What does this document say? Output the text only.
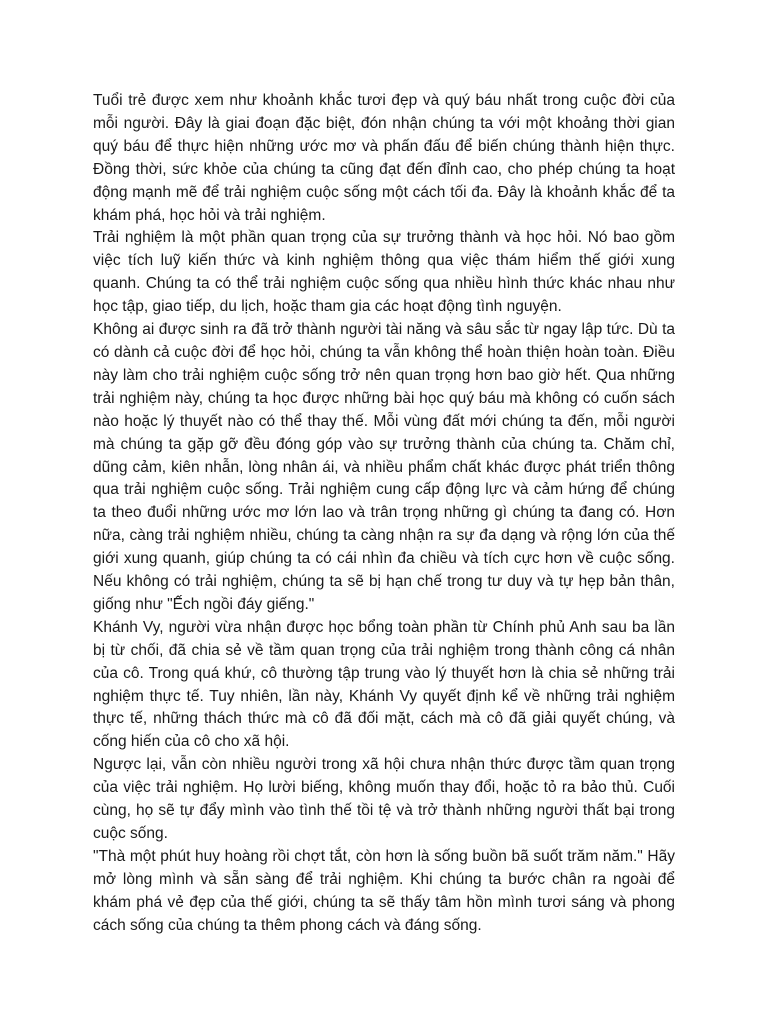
Tuổi trẻ được xem như khoảnh khắc tươi đẹp và quý báu nhất trong cuộc đời của mỗi người. Đây là giai đoạn đặc biệt, đón nhận chúng ta với một khoảng thời gian quý báu để thực hiện những ước mơ và phấn đấu để biến chúng thành hiện thực. Đồng thời, sức khỏe của chúng ta cũng đạt đến đỉnh cao, cho phép chúng ta hoạt động mạnh mẽ để trải nghiệm cuộc sống một cách tối đa. Đây là khoảnh khắc để ta khám phá, học hỏi và trải nghiệm.

Trải nghiệm là một phần quan trọng của sự trưởng thành và học hỏi. Nó bao gồm việc tích luỹ kiến thức và kinh nghiệm thông qua việc thám hiểm thế giới xung quanh. Chúng ta có thể trải nghiệm cuộc sống qua nhiều hình thức khác nhau như học tập, giao tiếp, du lịch, hoặc tham gia các hoạt động tình nguyện.

Không ai được sinh ra đã trở thành người tài năng và sâu sắc từ ngay lập tức. Dù ta có dành cả cuộc đời để học hỏi, chúng ta vẫn không thể hoàn thiện hoàn toàn. Điều này làm cho trải nghiệm cuộc sống trở nên quan trọng hơn bao giờ hết. Qua những trải nghiệm này, chúng ta học được những bài học quý báu mà không có cuốn sách nào hoặc lý thuyết nào có thể thay thế. Mỗi vùng đất mới chúng ta đến, mỗi người mà chúng ta gặp gỡ đều đóng góp vào sự trưởng thành của chúng ta. Chăm chỉ, dũng cảm, kiên nhẫn, lòng nhân ái, và nhiều phẩm chất khác được phát triển thông qua trải nghiệm cuộc sống. Trải nghiệm cung cấp động lực và cảm hứng để chúng ta theo đuổi những ước mơ lớn lao và trân trọng những gì chúng ta đang có. Hơn nữa, càng trải nghiệm nhiều, chúng ta càng nhận ra sự đa dạng và rộng lớn của thế giới xung quanh, giúp chúng ta có cái nhìn đa chiều và tích cực hơn về cuộc sống. Nếu không có trải nghiệm, chúng ta sẽ bị hạn chế trong tư duy và tự hẹp bản thân, giống như "Ếch ngồi đáy giếng."

Khánh Vy, người vừa nhận được học bổng toàn phần từ Chính phủ Anh sau ba lần bị từ chối, đã chia sẻ về tầm quan trọng của trải nghiệm trong thành công cá nhân của cô. Trong quá khứ, cô thường tập trung vào lý thuyết hơn là chia sẻ những trải nghiệm thực tế. Tuy nhiên, lần này, Khánh Vy quyết định kể về những trải nghiệm thực tế, những thách thức mà cô đã đối mặt, cách mà cô đã giải quyết chúng, và cống hiến của cô cho xã hội.

Ngược lại, vẫn còn nhiều người trong xã hội chưa nhận thức được tầm quan trọng của việc trải nghiệm. Họ lười biếng, không muốn thay đổi, hoặc tỏ ra bảo thủ. Cuối cùng, họ sẽ tự đẩy mình vào tình thế tồi tệ và trở thành những người thất bại trong cuộc sống.

"Thà một phút huy hoàng rồi chợt tắt, còn hơn là sống buồn bã suốt trăm năm." Hãy mở lòng mình và sẵn sàng để trải nghiệm. Khi chúng ta bước chân ra ngoài để khám phá vẻ đẹp của thế giới, chúng ta sẽ thấy tâm hồn mình tươi sáng và phong cách sống của chúng ta thêm phong cách và đáng sống.
